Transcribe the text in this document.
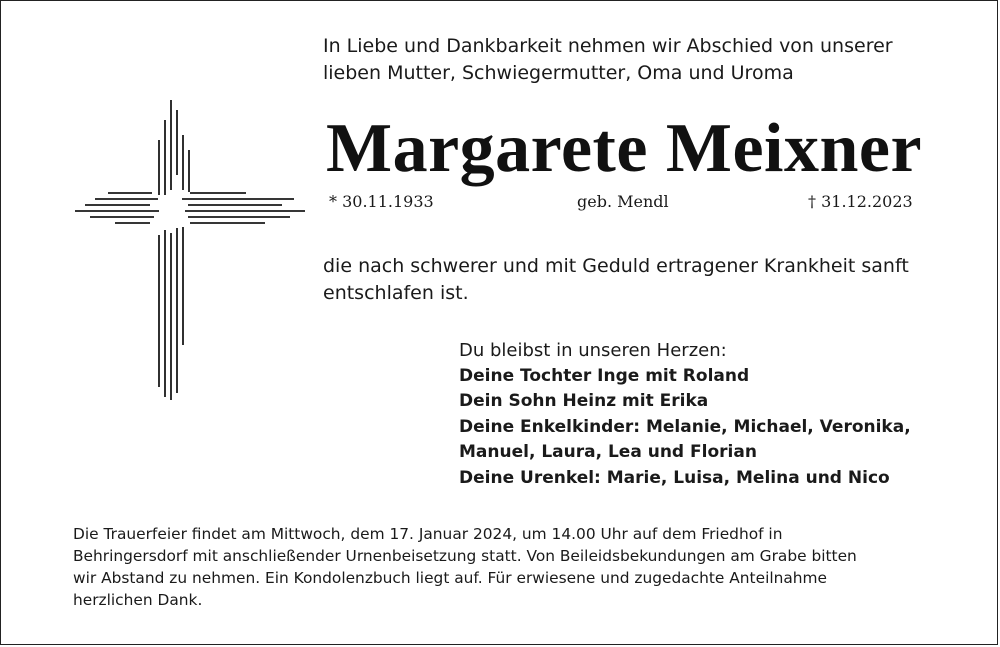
In Liebe und Dankbarkeit nehmen wir Abschied von unserer
lieben Mutter, Schwiegermutter, Oma und Uroma
Margarete Meixner
* 30.11.1933	geb. Mendl	† 31.12.2023
die nach schwerer und mit Geduld ertragener Krankheit sanft
entschlafen ist.
Du bleibst in unseren Herzen:
Deine Tochter Inge mit Roland
Dein Sohn Heinz mit Erika
Deine Enkelkinder: Melanie, Michael, Veronika,
Manuel, Laura, Lea und Florian
Deine Urenkel: Marie, Luisa, Melina und Nico
Die Trauerfeier findet am Mittwoch, dem 17. Januar 2024, um 14.00 Uhr auf dem Friedhof in
Behringersdorf mit anschließender Urnenbeisetzung statt. Von Beileidsbekundungen am Grabe bitten
wir Abstand zu nehmen. Ein Kondolenzbuch liegt auf. Für erwiesene und zugedachte Anteilnahme
herzlichen Dank.
